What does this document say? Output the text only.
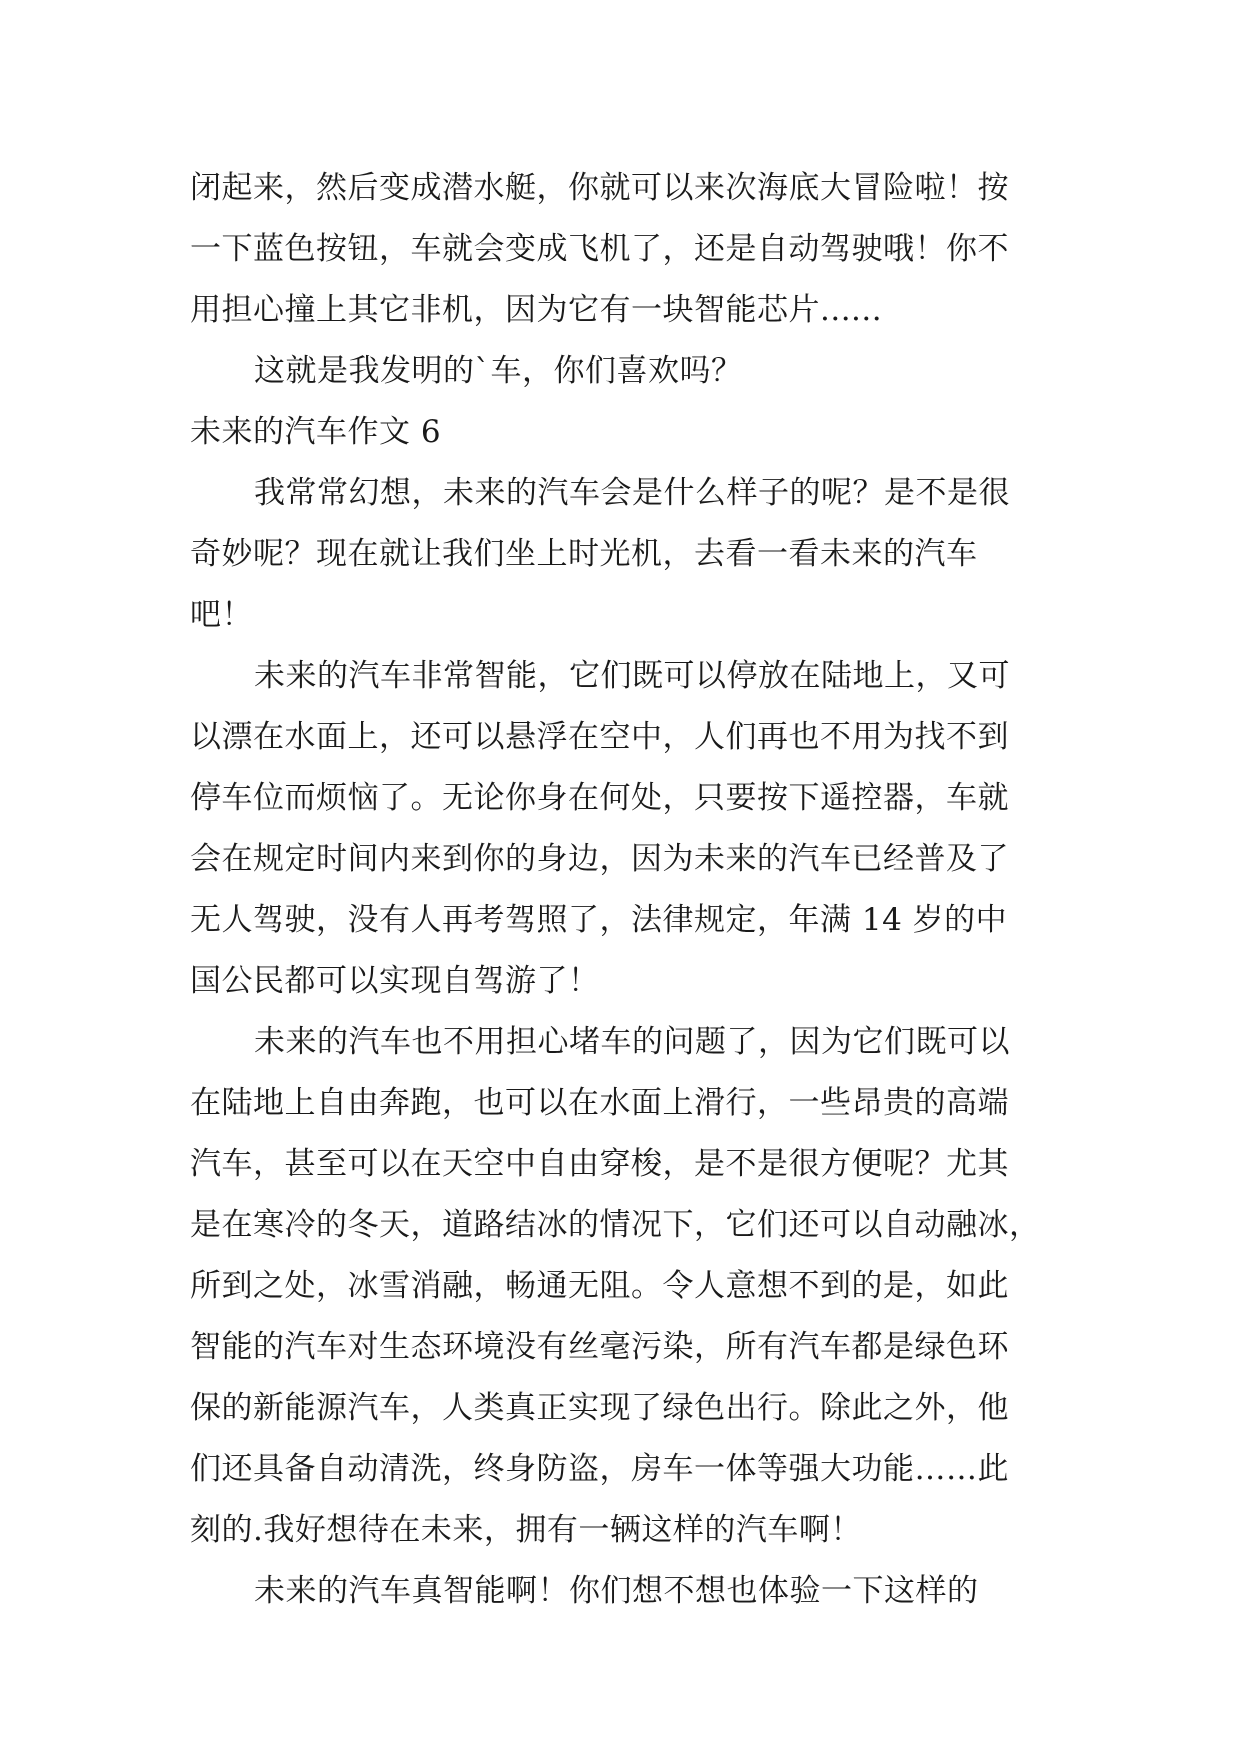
闭起来，然后变成潜水艇，你就可以来次海底大冒险啦！按
一下蓝色按钮，车就会变成飞机了，还是自动驾驶哦！你不
用担心撞上其它非机，因为它有一块智能芯片......
这就是我发明的`车，你们喜欢吗？
未来的汽车作文 6
我常常幻想，未来的汽车会是什么样子的呢？是不是很
奇妙呢？现在就让我们坐上时光机，去看一看未来的汽车
吧！
未来的汽车非常智能，它们既可以停放在陆地上，又可
以漂在水面上，还可以悬浮在空中，人们再也不用为找不到
停车位而烦恼了。无论你身在何处，只要按下遥控器，车就
会在规定时间内来到你的身边，因为未来的汽车已经普及了
无人驾驶，没有人再考驾照了，法律规定，年满 14 岁的中
国公民都可以实现自驾游了！
未来的汽车也不用担心堵车的问题了，因为它们既可以
在陆地上自由奔跑，也可以在水面上滑行，一些昂贵的高端
汽车，甚至可以在天空中自由穿梭，是不是很方便呢？尤其
是在寒冷的冬天，道路结冰的情况下，它们还可以自动融冰，
所到之处，冰雪消融，畅通无阻。令人意想不到的是，如此
智能的汽车对生态环境没有丝毫污染，所有汽车都是绿色环
保的新能源汽车，人类真正实现了绿色出行。除此之外，他
们还具备自动清洗，终身防盗，房车一体等强大功能……此
刻的.我好想待在未来，拥有一辆这样的汽车啊！
未来的汽车真智能啊！你们想不想也体验一下这样的
